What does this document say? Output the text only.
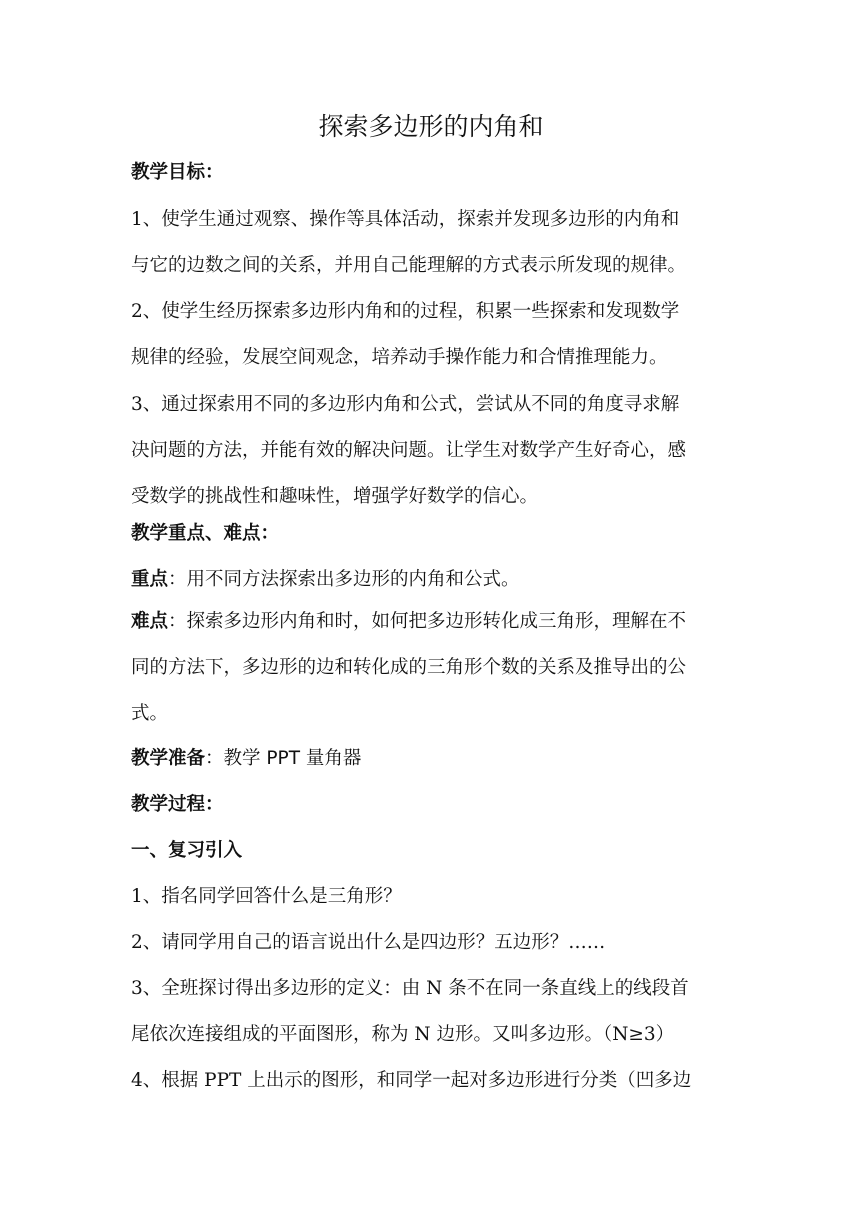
探索多边形的内角和
教学目标：
1、使学生通过观察、操作等具体活动，探索并发现多边形的内角和
与它的边数之间的关系，并用自己能理解的方式表示所发现的规律。
2、使学生经历探索多边形内角和的过程，积累一些探索和发现数学
规律的经验，发展空间观念，培养动手操作能力和合情推理能力。
3、通过探索用不同的多边形内角和公式，尝试从不同的角度寻求解
决问题的方法，并能有效的解决问题。让学生对数学产生好奇心，感
受数学的挑战性和趣味性，增强学好数学的信心。
教学重点、难点：
重点：用不同方法探索出多边形的内角和公式。
难点：探索多边形内角和时，如何把多边形转化成三角形，理解在不
同的方法下，多边形的边和转化成的三角形个数的关系及推导出的公
式。
教学准备：教学 PPT 量角器
教学过程：
一、复习引入
1、指名同学回答什么是三角形？
2、请同学用自己的语言说出什么是四边形？五边形？……
3、全班探讨得出多边形的定义：由 N 条不在同一条直线上的线段首
尾依次连接组成的平面图形，称为 N 边形。又叫多边形。（N≥3）
4、根据 PPT 上出示的图形，和同学一起对多边形进行分类（凹多边
